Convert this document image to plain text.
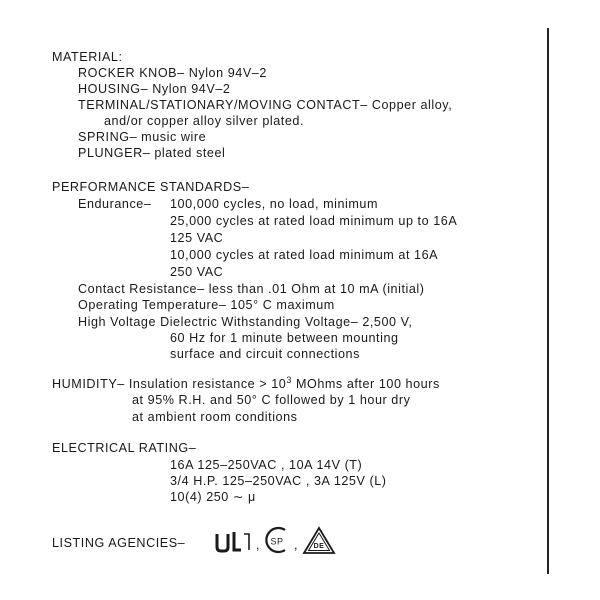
MATERIAL:
ROCKER KNOB– Nylon 94V–2
HOUSING– Nylon 94V–2
TERMINAL/STATIONARY/MOVING CONTACT– Copper alloy,
and/or copper alloy silver plated.
SPRING– music wire
PLUNGER– plated steel
PERFORMANCE STANDARDS–
Endurance– 100,000 cycles, no load, minimum
25,000 cycles at rated load minimum up to 16A
125 VAC
10,000 cycles at rated load minimum at 16A
250 VAC
Contact Resistance– less than .01 Ohm at 10 mA (initial)
Operating Temperature– 105° C maximum
High Voltage Dielectric Withstanding Voltage– 2,500 V,
60 Hz for 1 minute between mounting
surface and circuit connections
HUMIDITY– Insulation resistance > $10^3$ MOhms after 100 hours
at 95% R.H. and 50° C followed by 1 hour dry
at ambient room conditions
ELECTRICAL RATING–
16A 125–250VAC , 10A 14V (T)
3/4 H.P. 125–250VAC , 3A 125V (L)
10(4) 250 ∼ μ
LISTING AGENCIES–	, SP , DE
